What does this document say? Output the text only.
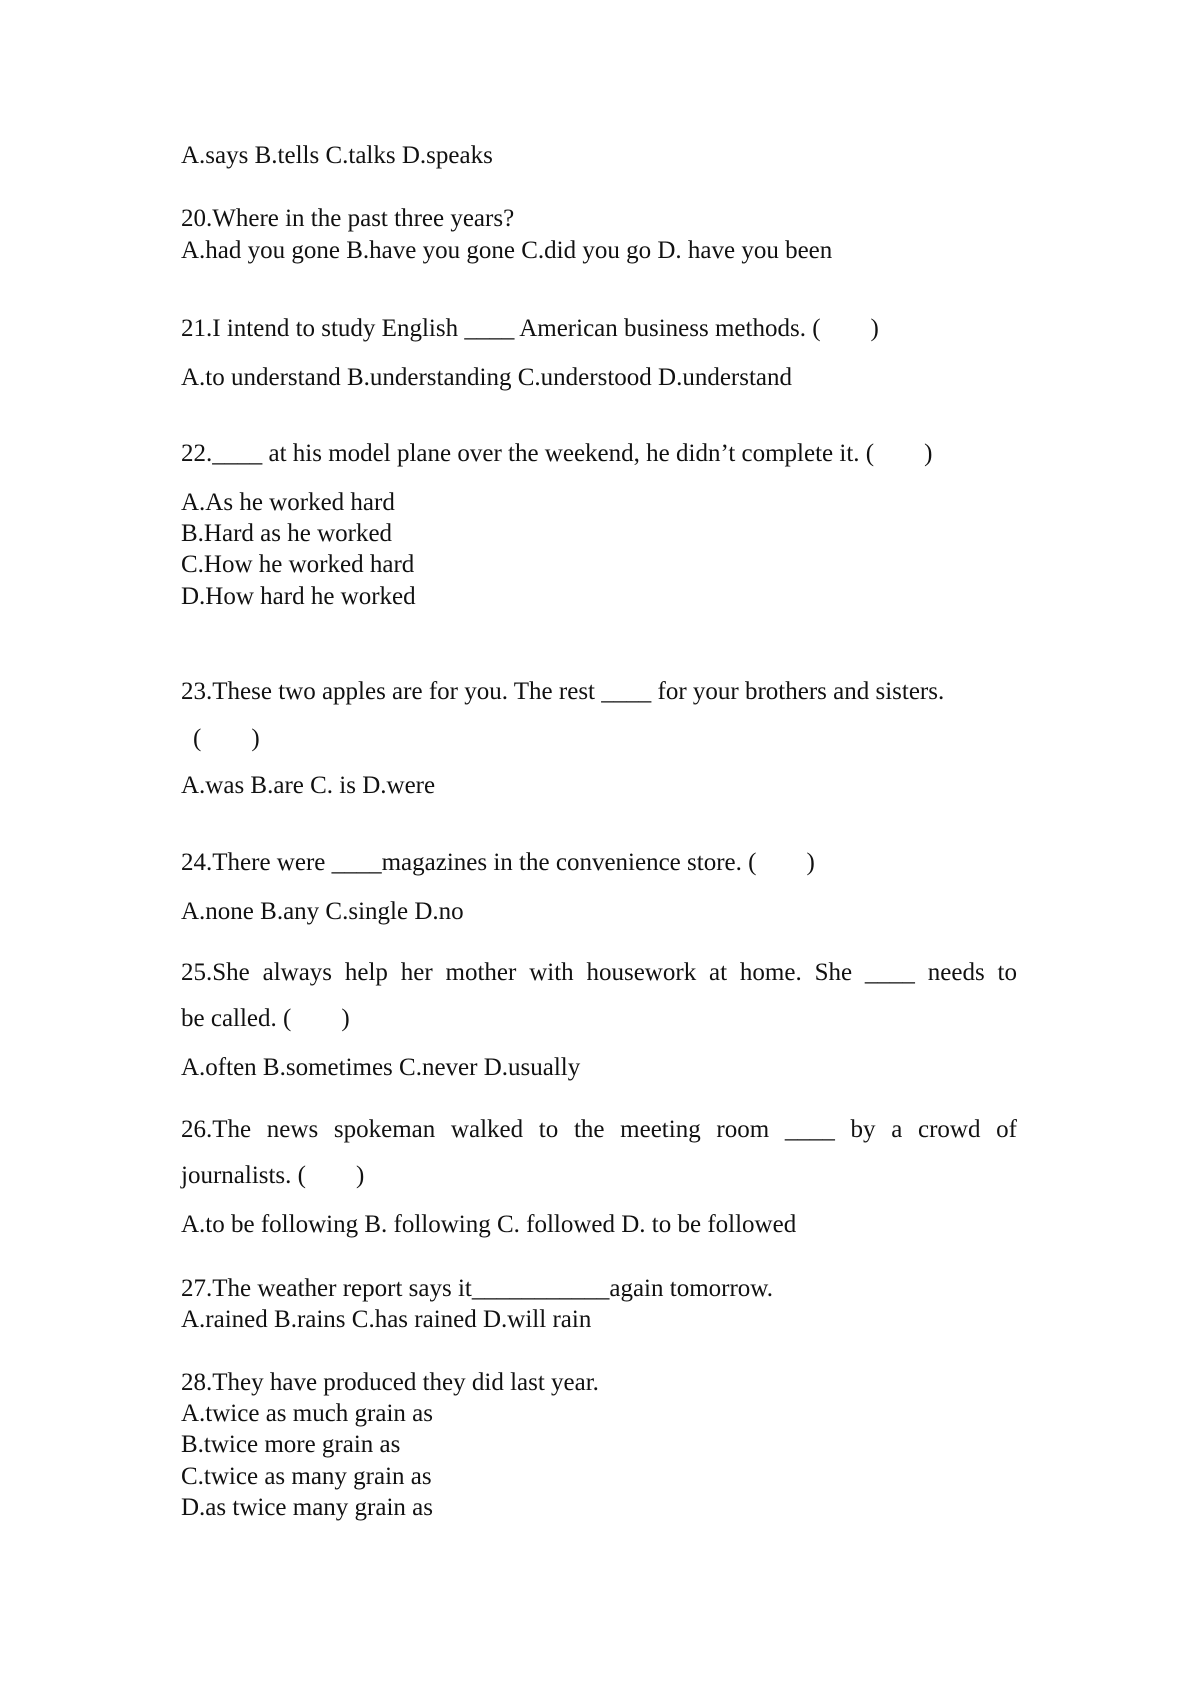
A.says B.tells C.talks D.speaks
20.Where in the past three years?
A.had you gone B.have you gone C.did you go D. have you been
21.I intend to study English ____ American business methods. (　　)
A.to understand B.understanding C.understood D.understand
22.____ at his model plane over the weekend, he didn’t complete it. (　　)
A.As he worked hard
B.Hard as he worked
C.How he worked hard
D.How hard he worked
23.These two apples are for you. The rest ____ for your brothers and sisters.
(　　)
A.was B.are C. is D.were
24.There were ____magazines in the convenience store. (　　)
A.none B.any C.single D.no
25.She always help her mother with housework at home. She ____ needs to
be called. (　　)
A.often B.sometimes C.never D.usually
26.The news spokeman walked to the meeting room ____ by a crowd of
journalists. (　　)
A.to be following B. following C. followed D. to be followed
27.The weather report says it___________again tomorrow.
A.rained B.rains C.has rained D.will rain
28.They have produced they did last year.
A.twice as much grain as
B.twice more grain as
C.twice as many grain as
D.as twice many grain as
